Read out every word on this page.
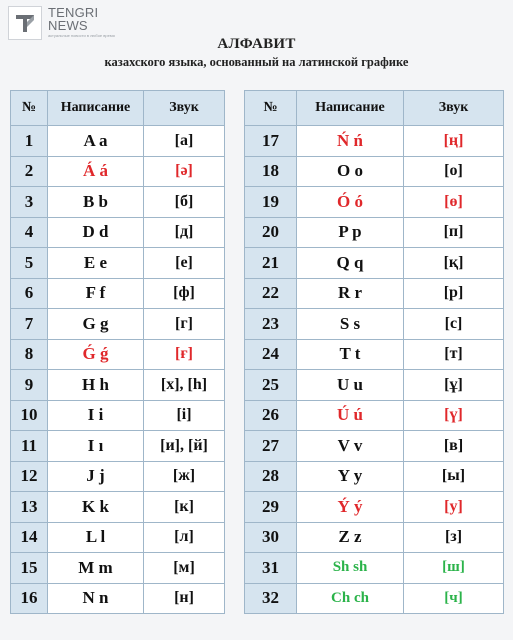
TENGRI
NEWS
актуальные новости в любое время
АЛФАВИТ

казахского языка, основанный на латинской графике

№	Написание	Звук
1	A a	[а]
2	Á á	[ә]
3	B b	[б]
4	D d	[д]
5	E e	[е]
6	F f	[ф]
7	G g	[г]
8	Ǵ ǵ	[ғ]
9	H h	[х], [һ]
10	I i	[і]
11	I ı	[и], [й]
12	J j	[ж]
13	K k	[к]
14	L l	[л]
15	M m	[м]
16	N n	[н]
№	Написание	Звук
17	Ń ń	[ң]
18	O o	[о]
19	Ó ó	[ө]
20	P p	[п]
21	Q q	[қ]
22	R r	[р]
23	S s	[с]
24	T t	[т]
25	U u	[ұ]
26	Ú ú	[ү]
27	V v	[в]
28	Y y	[ы]
29	Ý ý	[у]
30	Z z	[з]
31	Sh sh	[ш]
32	Ch ch	[ч]
